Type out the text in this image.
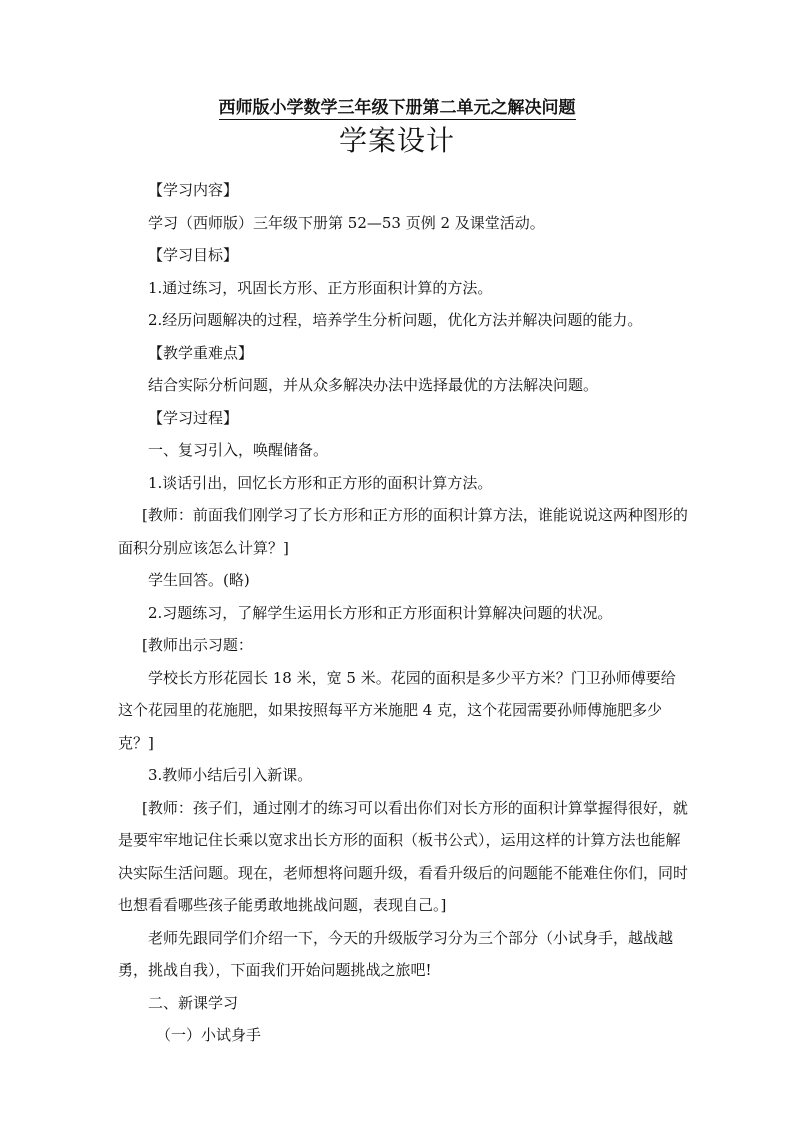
西师版小学数学三年级下册第二单元之解决问题
学案设计

【学习内容】

学习（西师版）三年级下册第 52—53 页例 2 及课堂活动。

【学习目标】

1.通过练习，巩固长方形、正方形面积计算的方法。

2.经历问题解决的过程，培养学生分析问题，优化方法并解决问题的能力。

【教学重难点】

结合实际分析问题，并从众多解决办法中选择最优的方法解决问题。

【学习过程】

一、复习引入，唤醒储备。

1.谈话引出，回忆长方形和正方形的面积计算方法。

[教师：前面我们刚学习了长方形和正方形的面积计算方法，谁能说说这两种图形的面积分别应该怎么计算？]

学生回答。(略)

2.习题练习，了解学生运用长方形和正方形面积计算解决问题的状况。

[教师出示习题：

学校长方形花园长 18 米，宽 5 米。花园的面积是多少平方米？门卫孙师傅要给这个花园里的花施肥，如果按照每平方米施肥 4 克，这个花园需要孙师傅施肥多少克？]

3.教师小结后引入新课。

[教师：孩子们，通过刚才的练习可以看出你们对长方形的面积计算掌握得很好，就是要牢牢地记住长乘以宽求出长方形的面积（板书公式），运用这样的计算方法也能解决实际生活问题。现在，老师想将问题升级，看看升级后的问题能不能难住你们，同时也想看看哪些孩子能勇敢地挑战问题，表现自己。]

老师先跟同学们介绍一下，今天的升级版学习分为三个部分（小试身手，越战越勇，挑战自我），下面我们开始问题挑战之旅吧!

二、新课学习

（一）小试身手
